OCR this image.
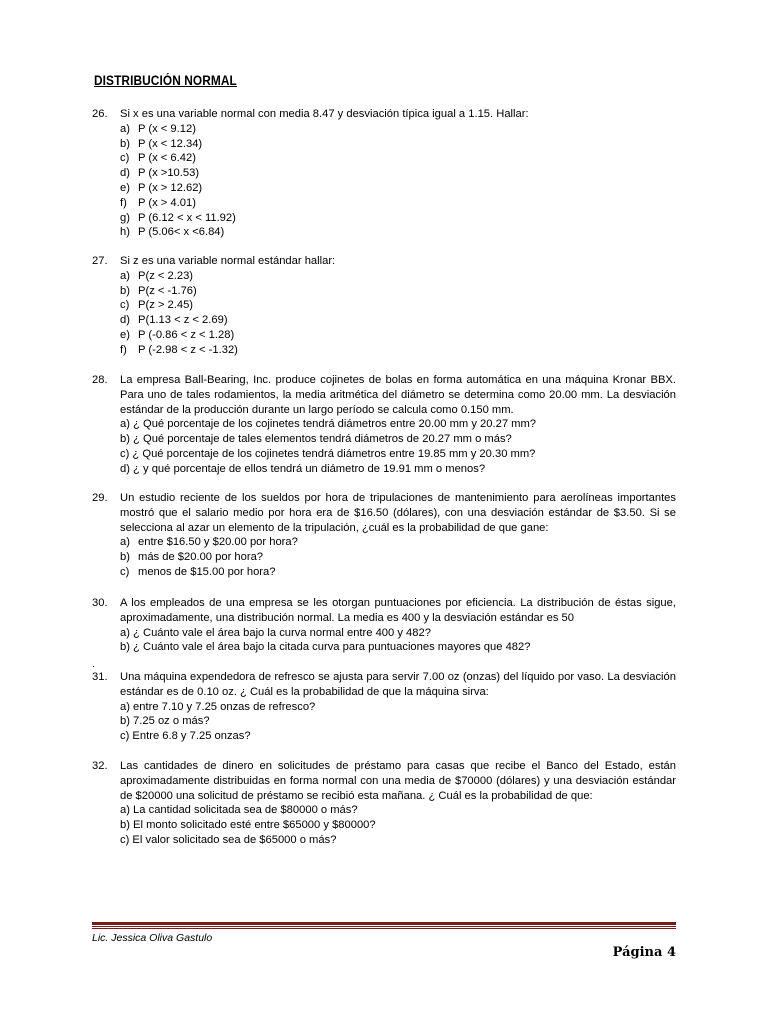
DISTRIBUCIÓN NORMAL
26.	Si x es una variable normal con media 8.47 y desviación típica igual a 1.15. Hallar:
a) P (x < 9.12)
b) P (x < 12.34)
c) P (x < 6.42)
d) P (x >10.53)
e) P (x > 12.62)
f) P (x > 4.01)
g) P (6.12 < x < 11.92)
h) P (5.06< x <6.84)
27.	Si z es una variable normal estándar hallar:
a) P(z < 2.23)
b) P(z < -1.76)
c) P(z > 2.45)
d) P(1.13 < z < 2.69)
e) P (-0.86 < z < 1.28)
f) P (-2.98 < z < -1.32)
28.	La empresa Ball-Bearing, Inc. produce cojinetes de bolas en forma automática en una máquina Kronar BBX. Para uno de tales rodamientos, la media aritmética del diámetro se determina como 20.00 mm. La desviación estándar de la producción durante un largo período se calcula como 0.150 mm.
a) ¿ Qué porcentaje de los cojinetes tendrá diámetros entre 20.00 mm y 20.27 mm?
b) ¿ Qué porcentaje de tales elementos tendrá diámetros de 20.27 mm o más?
c) ¿ Qué porcentaje de los cojinetes tendrá diámetros entre 19.85 mm y 20.30 mm?
d) ¿ y qué porcentaje de ellos tendrá un diámetro de 19.91 mm o menos?
29.	Un estudio reciente de los sueldos por hora de tripulaciones de mantenimiento para aerolíneas importantes mostró que el salario medio por hora era de $16.50 (dólares), con una desviación estándar de $3.50. Si se selecciona al azar un elemento de la tripulación, ¿cuál es la probabilidad de que gane:
a) entre $16.50 y $20.00 por hora?
b) más de $20.00 por hora?
c) menos de $15.00 por hora?
30.	A los empleados de una empresa se les otorgan puntuaciones por eficiencia. La distribución de éstas sigue, aproximadamente, una distribución normal. La media es 400 y la desviación estándar es 50
a) ¿ Cuánto vale el área bajo la curva normal entre 400 y 482?
b) ¿ Cuánto vale el área bajo la citada curva para puntuaciones mayores que 482?
.
31.	Una máquina expendedora de refresco se ajusta para servir 7.00 oz (onzas) del líquido por vaso. La desviación estándar es de 0.10 oz. ¿ Cuál es la probabilidad de que la máquina sirva:
a) entre 7.10 y 7.25 onzas de refresco?
b) 7.25 oz o más?
c) Entre 6.8 y 7.25 onzas?
32.	Las cantidades de dinero en solicitudes de préstamo para casas que recibe el Banco del Estado, están aproximadamente distribuidas en forma normal con una media de $70000 (dólares) y una desviación estándar de $20000 una solicitud de préstamo se recibió esta mañana. ¿ Cuál es la probabilidad de que:
a) La cantidad solicitada sea de $80000 o más?
b) El monto solicitado esté entre $65000 y $80000?
c) El valor solicitado sea de $65000 o más?
Lic. Jessica Oliva Gastulo
Página 4
